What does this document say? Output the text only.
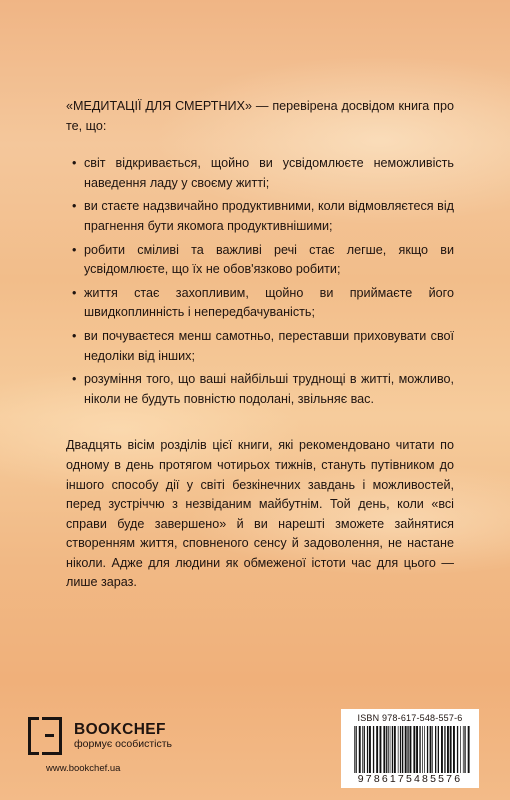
«МЕДИТАЦІЇ ДЛЯ СМЕРТНИХ» — перевірена досвідом книга про те, що:

• світ відкривається, щойно ви усвідомлюєте неможливість наведення ладу у своєму житті;
• ви стаєте надзвичайно продуктивними, коли відмовляєтеся від прагнення бути якомога продуктивнішими;
• робити сміливі та важливі речі стає легше, якщо ви усвідомлюєте, що їх не обов'язково робити;
• життя стає захопливим, щойно ви приймаєте його швидкоплинність і непередбачуваність;
• ви почуваєтеся менш самотньо, переставши приховувати свої недоліки від інших;
• розуміння того, що ваші найбільші труднощі в житті, можливо, ніколи не будуть повністю подолані, звільняє вас.

Двадцять вісім розділів цієї книги, які рекомендовано читати по одному в день протягом чотирьох тижнів, стануть путівником до іншого способу дії у світі безкінечних завдань і можливостей, перед зустріччю з незвіданим майбутнім. Той день, коли «всі справи буде завершено» й ви нарешті зможете зайнятися створенням життя, сповненого сенсу й задоволення, не настане ніколи. Адже для людини як обмеженої істоти час для цього — лише зараз.

BOOKCHEF
формує особистість
www.bookchef.ua
ISBN 978-617-548-557-6
9786175485576
